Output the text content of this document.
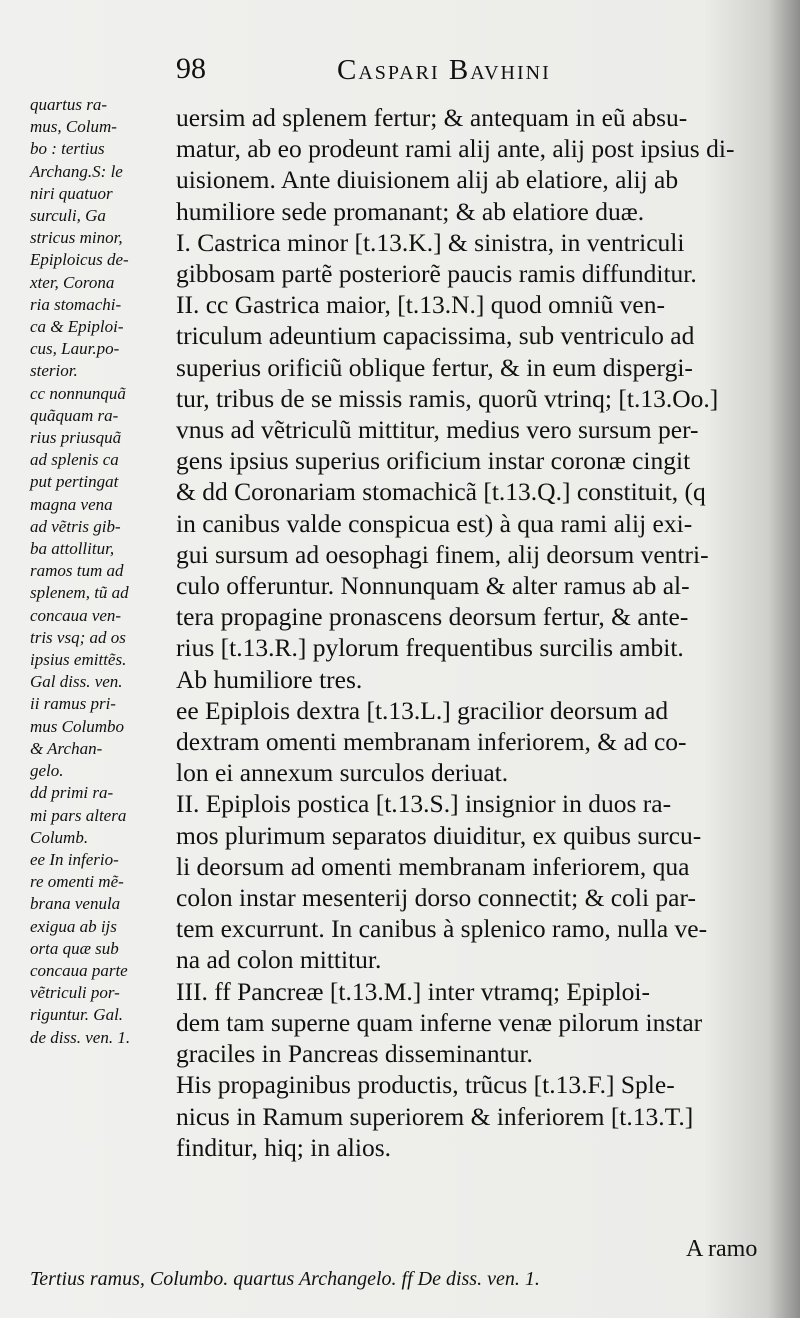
98	Caspari Bavhini
quartus ra-
mus, Colum-
bo : tertius
Archang.S: le
niri quatuor
surculi, Ga
stricus minor,
Epiploicus de-
xter, Corona
ria stomachi-
ca & Epiploi-
cus, Laur.po-
sterior.
cc nonnunquã
quãquam ra-
rius priusquã
ad splenis ca
put pertingat
magna vena
ad vẽtris gib-
ba attollitur,
ramos tum ad
splenem, tũ ad
concaua ven-
tris vsq; ad os
ipsius emittẽs.
Gal diss. ven.
ii ramus pri-
mus Columbo
& Archan-
gelo.
dd primi ra-
mi pars altera
Columb.
ee In inferio-
re omenti mẽ-
brana venula
exigua ab ijs
orta quæ sub
concaua parte
vẽtriculi por-
riguntur. Gal.
de diss. ven. 1.
uersim ad splenem fertur; & antequam in eũ absu-
matur, ab eo prodeunt rami alij ante, alij post ipsius di-
uisionem. Ante diuisionem alij ab elatiore, alij ab
humiliore sede promanant; & ab elatiore duæ.
I. Castrica minor [t.13.K.] & sinistra, in ventriculi
gibbosam partẽ posteriorẽ paucis ramis diffunditur.
II. cc Gastrica maior, [t.13.N.] quod omniũ ven-
triculum adeuntium capacissima, sub ventriculo ad
superius orificiũ oblique fertur, & in eum dispergi-
tur, tribus de se missis ramis, quorũ vtrinq; [t.13.Oo.]
vnus ad vẽtriculũ mittitur, medius vero sursum per-
gens ipsius superius orificium instar coronæ cingit
& dd Coronariam stomachicã [t.13.Q.] constituit, (q
in canibus valde conspicua est) à qua rami alij exi-
gui sursum ad oesophagi finem, alij deorsum ventri-
culo offeruntur. Nonnunquam & alter ramus ab al-
tera propagine pronascens deorsum fertur, & ante-
rius [t.13.R.] pylorum frequentibus surcilis ambit.
Ab humiliore tres.
ee Epiplois dextra [t.13.L.] gracilior deorsum ad
dextram omenti membranam inferiorem, & ad co-
lon ei annexum surculos deriuat.
II. Epiplois postica [t.13.S.] insignior in duos ra-
mos plurimum separatos diuiditur, ex quibus surcu-
li deorsum ad omenti membranam inferiorem, qua
colon instar mesenterij dorso connectit; & coli par-
tem excurrunt. In canibus à splenico ramo, nulla ve-
na ad colon mittitur.
III. ff Pancreæ [t.13.M.] inter vtramq; Epiploi-
dem tam superne quam inferne venæ pilorum instar
graciles in Pancreas disseminantur.
His propaginibus productis, trũcus [t.13.F.] Sple-
nicus in Ramum superiorem & inferiorem [t.13.T.]
finditur, hiq; in alios.
A ramo
Tertius ramus, Columbo. quartus Archangelo. ff De diss. ven. 1.
